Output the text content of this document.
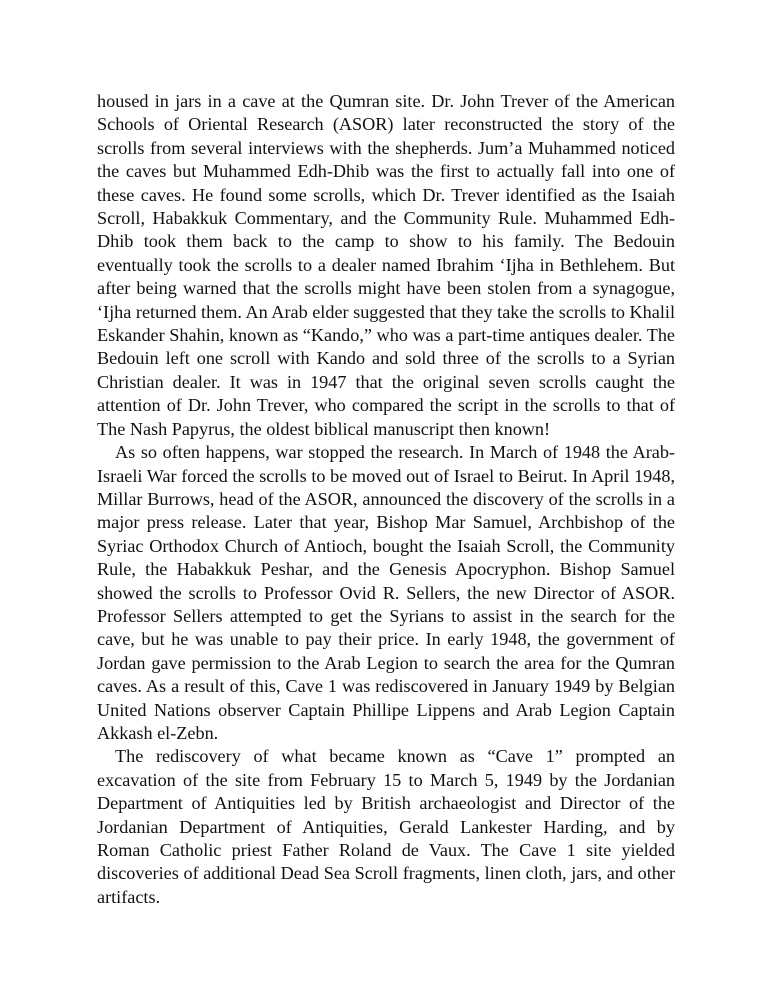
housed in jars in a cave at the Qumran site. Dr. John Trever of the American Schools of Oriental Research (ASOR) later reconstructed the story of the scrolls from several interviews with the shepherds. Jum’a Muhammed noticed the caves but Muhammed Edh-Dhib was the first to actually fall into one of these caves. He found some scrolls, which Dr. Trever identified as the Isaiah Scroll, Habakkuk Commentary, and the Community Rule. Muhammed Edh-Dhib took them back to the camp to show to his family. The Bedouin eventually took the scrolls to a dealer named Ibrahim ‘Ijha in Bethlehem. But after being warned that the scrolls might have been stolen from a synagogue, ‘Ijha returned them. An Arab elder suggested that they take the scrolls to Khalil Eskander Shahin, known as “Kando,” who was a part-time antiques dealer. The Bedouin left one scroll with Kando and sold three of the scrolls to a Syrian Christian dealer. It was in 1947 that the original seven scrolls caught the attention of Dr. John Trever, who compared the script in the scrolls to that of The Nash Papyrus, the oldest biblical manuscript then known!

As so often happens, war stopped the research. In March of 1948 the Arab-Israeli War forced the scrolls to be moved out of Israel to Beirut. In April 1948, Millar Burrows, head of the ASOR, announced the discovery of the scrolls in a major press release. Later that year, Bishop Mar Samuel, Archbishop of the Syriac Orthodox Church of Antioch, bought the Isaiah Scroll, the Community Rule, the Habakkuk Peshar, and the Genesis Apocryphon. Bishop Samuel showed the scrolls to Professor Ovid R. Sellers, the new Director of ASOR. Professor Sellers attempted to get the Syrians to assist in the search for the cave, but he was unable to pay their price. In early 1948, the government of Jordan gave permission to the Arab Legion to search the area for the Qumran caves. As a result of this, Cave 1 was rediscovered in January 1949 by Belgian United Nations observer Captain Phillipe Lippens and Arab Legion Captain Akkash el-Zebn.

The rediscovery of what became known as “Cave 1” prompted an excavation of the site from February 15 to March 5, 1949 by the Jordanian Department of Antiquities led by British archaeologist and Director of the Jordanian Department of Antiquities, Gerald Lankester Harding, and by Roman Catholic priest Father Roland de Vaux. The Cave 1 site yielded discoveries of additional Dead Sea Scroll fragments, linen cloth, jars, and other artifacts.
